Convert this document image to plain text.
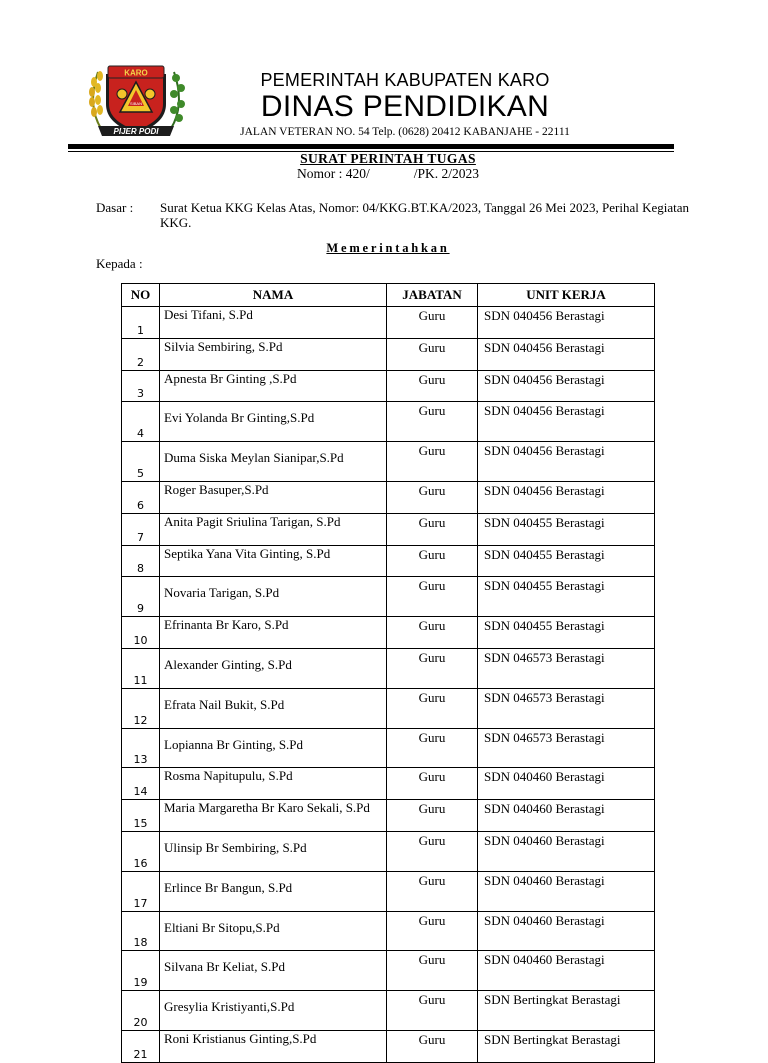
KARO
SIBAN
PIJER PODI
PEMERINTAH KABUPATEN KARO
DINAS PENDIDIKAN
JALAN VETERAN NO. 54 Telp. (0628) 20412 KABANJAHE - 22111
SURAT PERINTAH TUGAS
Nomor : 420/	/PK. 2/2023
Dasar : Surat Ketua KKG Kelas Atas, Nomor: 04/KKG.BT.KA/2023, Tanggal 26 Mei 2023, Perihal Kegiatan KKG.
Memerintahkan
Kepada :
NO	NAMA	JABATAN	UNIT KERJA
1	Desi Tifani, S.Pd	Guru	SDN 040456 Berastagi
2	Silvia Sembiring, S.Pd	Guru	SDN 040456 Berastagi
3	Apnesta Br Ginting ,S.Pd	Guru	SDN 040456 Berastagi
4	Evi Yolanda Br Ginting,S.Pd	Guru	SDN 040456 Berastagi
5	Duma Siska Meylan Sianipar,S.Pd	Guru	SDN 040456 Berastagi
6	Roger Basuper,S.Pd	Guru	SDN 040456 Berastagi
7	Anita Pagit Sriulina Tarigan, S.Pd	Guru	SDN 040455 Berastagi
8	Septika Yana Vita Ginting, S.Pd	Guru	SDN 040455 Berastagi
9	Novaria Tarigan, S.Pd	Guru	SDN 040455 Berastagi
10	Efrinanta Br Karo, S.Pd	Guru	SDN 040455 Berastagi
11	Alexander Ginting, S.Pd	Guru	SDN 046573 Berastagi
12	Efrata Nail Bukit, S.Pd	Guru	SDN 046573 Berastagi
13	Lopianna Br Ginting, S.Pd	Guru	SDN 046573 Berastagi
14	Rosma Napitupulu, S.Pd	Guru	SDN 040460 Berastagi
15	Maria Margaretha Br Karo Sekali, S.Pd	Guru	SDN 040460 Berastagi
16	Ulinsip Br Sembiring, S.Pd	Guru	SDN 040460 Berastagi
17	Erlince Br Bangun, S.Pd	Guru	SDN 040460 Berastagi
18	Eltiani Br Sitopu,S.Pd	Guru	SDN 040460 Berastagi
19	Silvana Br Keliat, S.Pd	Guru	SDN 040460 Berastagi
20	Gresylia Kristiyanti,S.Pd	Guru	SDN Bertingkat Berastagi
21	Roni Kristianus Ginting,S.Pd	Guru	SDN Bertingkat Berastagi
